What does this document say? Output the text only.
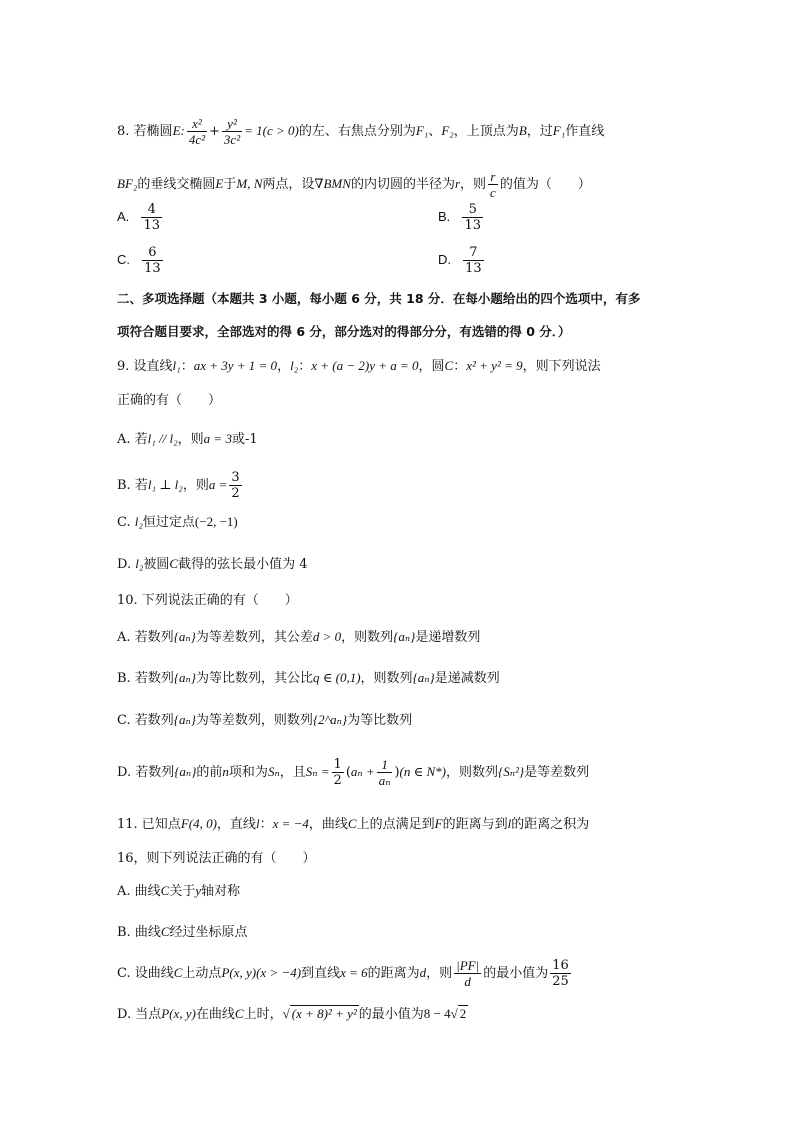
8. 若椭圆E: $\frac{\text{x²}}{\text{4c²}} + \frac{\text{y²}}{\text{3c²}} = 1(c > 0)$的左、右焦点分别为F₁、F₂，上顶点为B，过F₁作直线
BF₂的垂线交椭圆E于M, N两点，设∇BMN的内切圆的半径为r，则 $\frac{r}{c}$ 的值为（　　）
A. $\frac{4}{13}$	B. $\frac{5}{13}$
C. $\frac{6}{13}$	D. $\frac{7}{13}$
二、多项选择题（本题共 3 小题，每小题 6 分，共 18 分．在每小题给出的四个选项中，有多
项符合题目要求，全部选对的得 6 分，部分选对的得部分分，有选错的得 0 分．）
9. 设直线l₁：ax + 3y + 1 = 0，l₂：x + (a − 2)y + a = 0，圆C：x² + y² = 9，则下列说法
正确的有（　　）
A. 若l₁ // l₂，则a = 3或-1
B. 若l₁ ⊥ l₂，则$a = \frac{3}{2}$
C. l₂恒过定点(−2, −1)
D. l₂被圆C截得的弦长最小值为 4
10. 下列说法正确的有（　　）
A. 若数列{aₙ}为等差数列，其公差d > 0，则数列{aₙ}是递增数列
B. 若数列{aₙ}为等比数列，其公比q ∈ (0,1)，则数列{aₙ}是递减数列
C. 若数列{aₙ}为等差数列，则数列{2^aₙ}为等比数列
D. 若数列{aₙ}的前n项和为Sₙ，且$S_n = \frac{1}{2} (a_n + \frac{1}{\text{aₙ}} )(n$ ∈ N*)，则数列{Sₙ²}是等差数列
11. 已知点F(4, 0)，直线l：x = −4，曲线C上的点满足到F的距离与到l的距离之积为
16，则下列说法正确的有（　　）
A. 曲线C关于y轴对称
B. 曲线C经过坐标原点
C. 设曲线C上动点P(x, y)(x > −4)到直线x = 6的距离为d，则 $\frac{|PF|}{d}$ 的最小值为 $\frac{16}{25}$
D. 当点P(x, y)在曲线C上时，√ (x + 8)² + y² 的最小值为8 − 4√ 2
